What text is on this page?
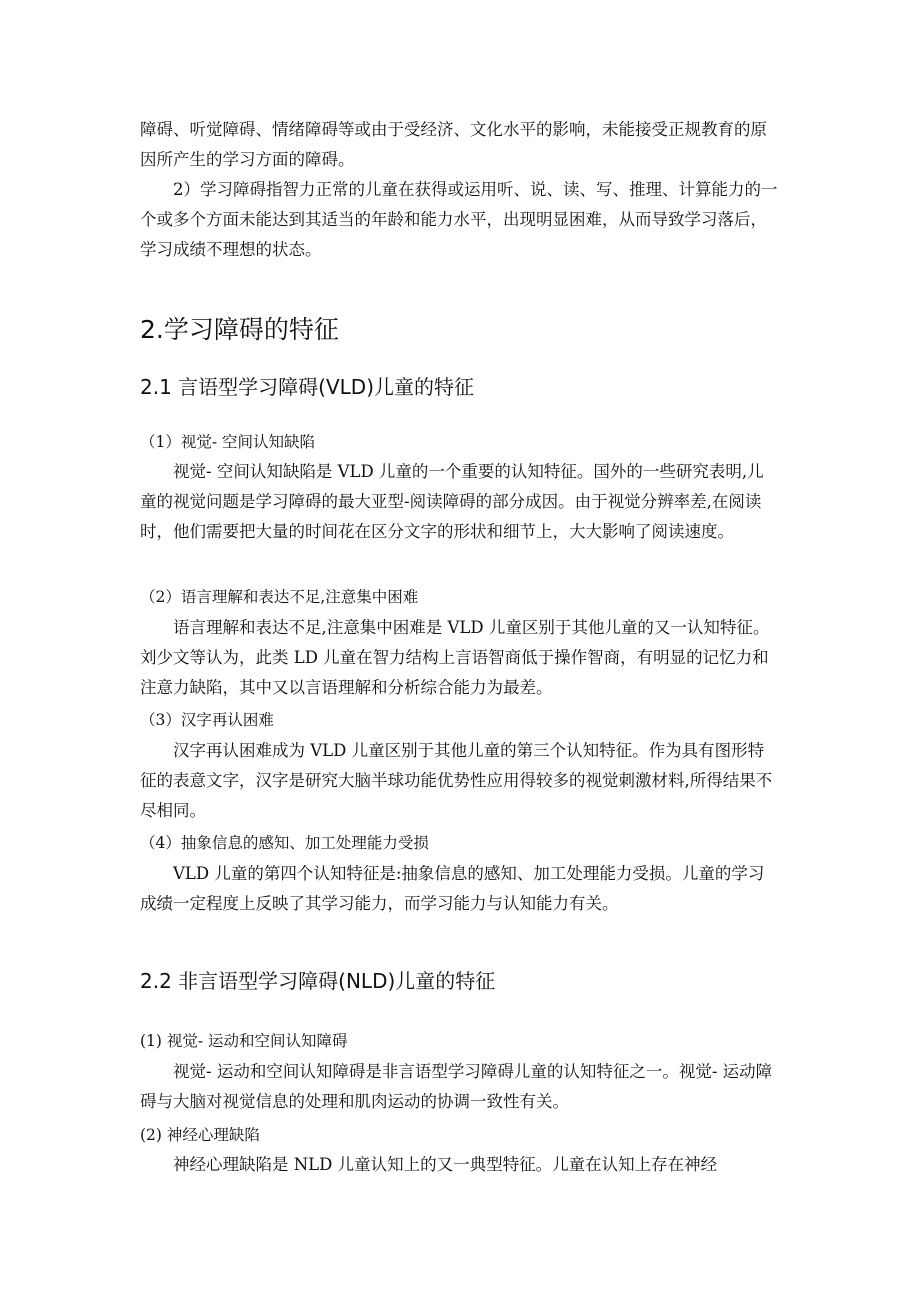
障碍、听觉障碍、情绪障碍等或由于受经济、文化水平的影响，未能接受正规教育的原因所产生的学习方面的障碍。

2）学习障碍指智力正常的儿童在获得或运用听、说、读、写、推理、计算能力的一个或多个方面未能达到其适当的年龄和能力水平，出现明显困难，从而导致学习落后，学习成绩不理想的状态。

2.学习障碍的特征
2.1 言语型学习障碍(VLD)儿童的特征
（1）视觉- 空间认知缺陷

视觉- 空间认知缺陷是 VLD 儿童的一个重要的认知特征。国外的一些研究表明,儿童的视觉问题是学习障碍的最大亚型-阅读障碍的部分成因。由于视觉分辨率差,在阅读时，他们需要把大量的时间花在区分文字的形状和细节上，大大影响了阅读速度。

（2）语言理解和表达不足,注意集中困难

语言理解和表达不足,注意集中困难是 VLD 儿童区别于其他儿童的又一认知特征。刘少文等认为，此类 LD 儿童在智力结构上言语智商低于操作智商，有明显的记忆力和注意力缺陷，其中又以言语理解和分析综合能力为最差。

（3）汉字再认困难

汉字再认困难成为 VLD 儿童区别于其他儿童的第三个认知特征。作为具有图形特征的表意文字，汉字是研究大脑半球功能优势性应用得较多的视觉刺激材料,所得结果不尽相同。

（4）抽象信息的感知、加工处理能力受损

VLD 儿童的第四个认知特征是:抽象信息的感知、加工处理能力受损。儿童的学习成绩一定程度上反映了其学习能力，而学习能力与认知能力有关。

2.2 非言语型学习障碍(NLD)儿童的特征
(1) 视觉- 运动和空间认知障碍

视觉- 运动和空间认知障碍是非言语型学习障碍儿童的认知特征之一。视觉- 运动障碍与大脑对视觉信息的处理和肌肉运动的协调一致性有关。

(2) 神经心理缺陷

神经心理缺陷是 NLD 儿童认知上的又一典型特征。儿童在认知上存在神经
